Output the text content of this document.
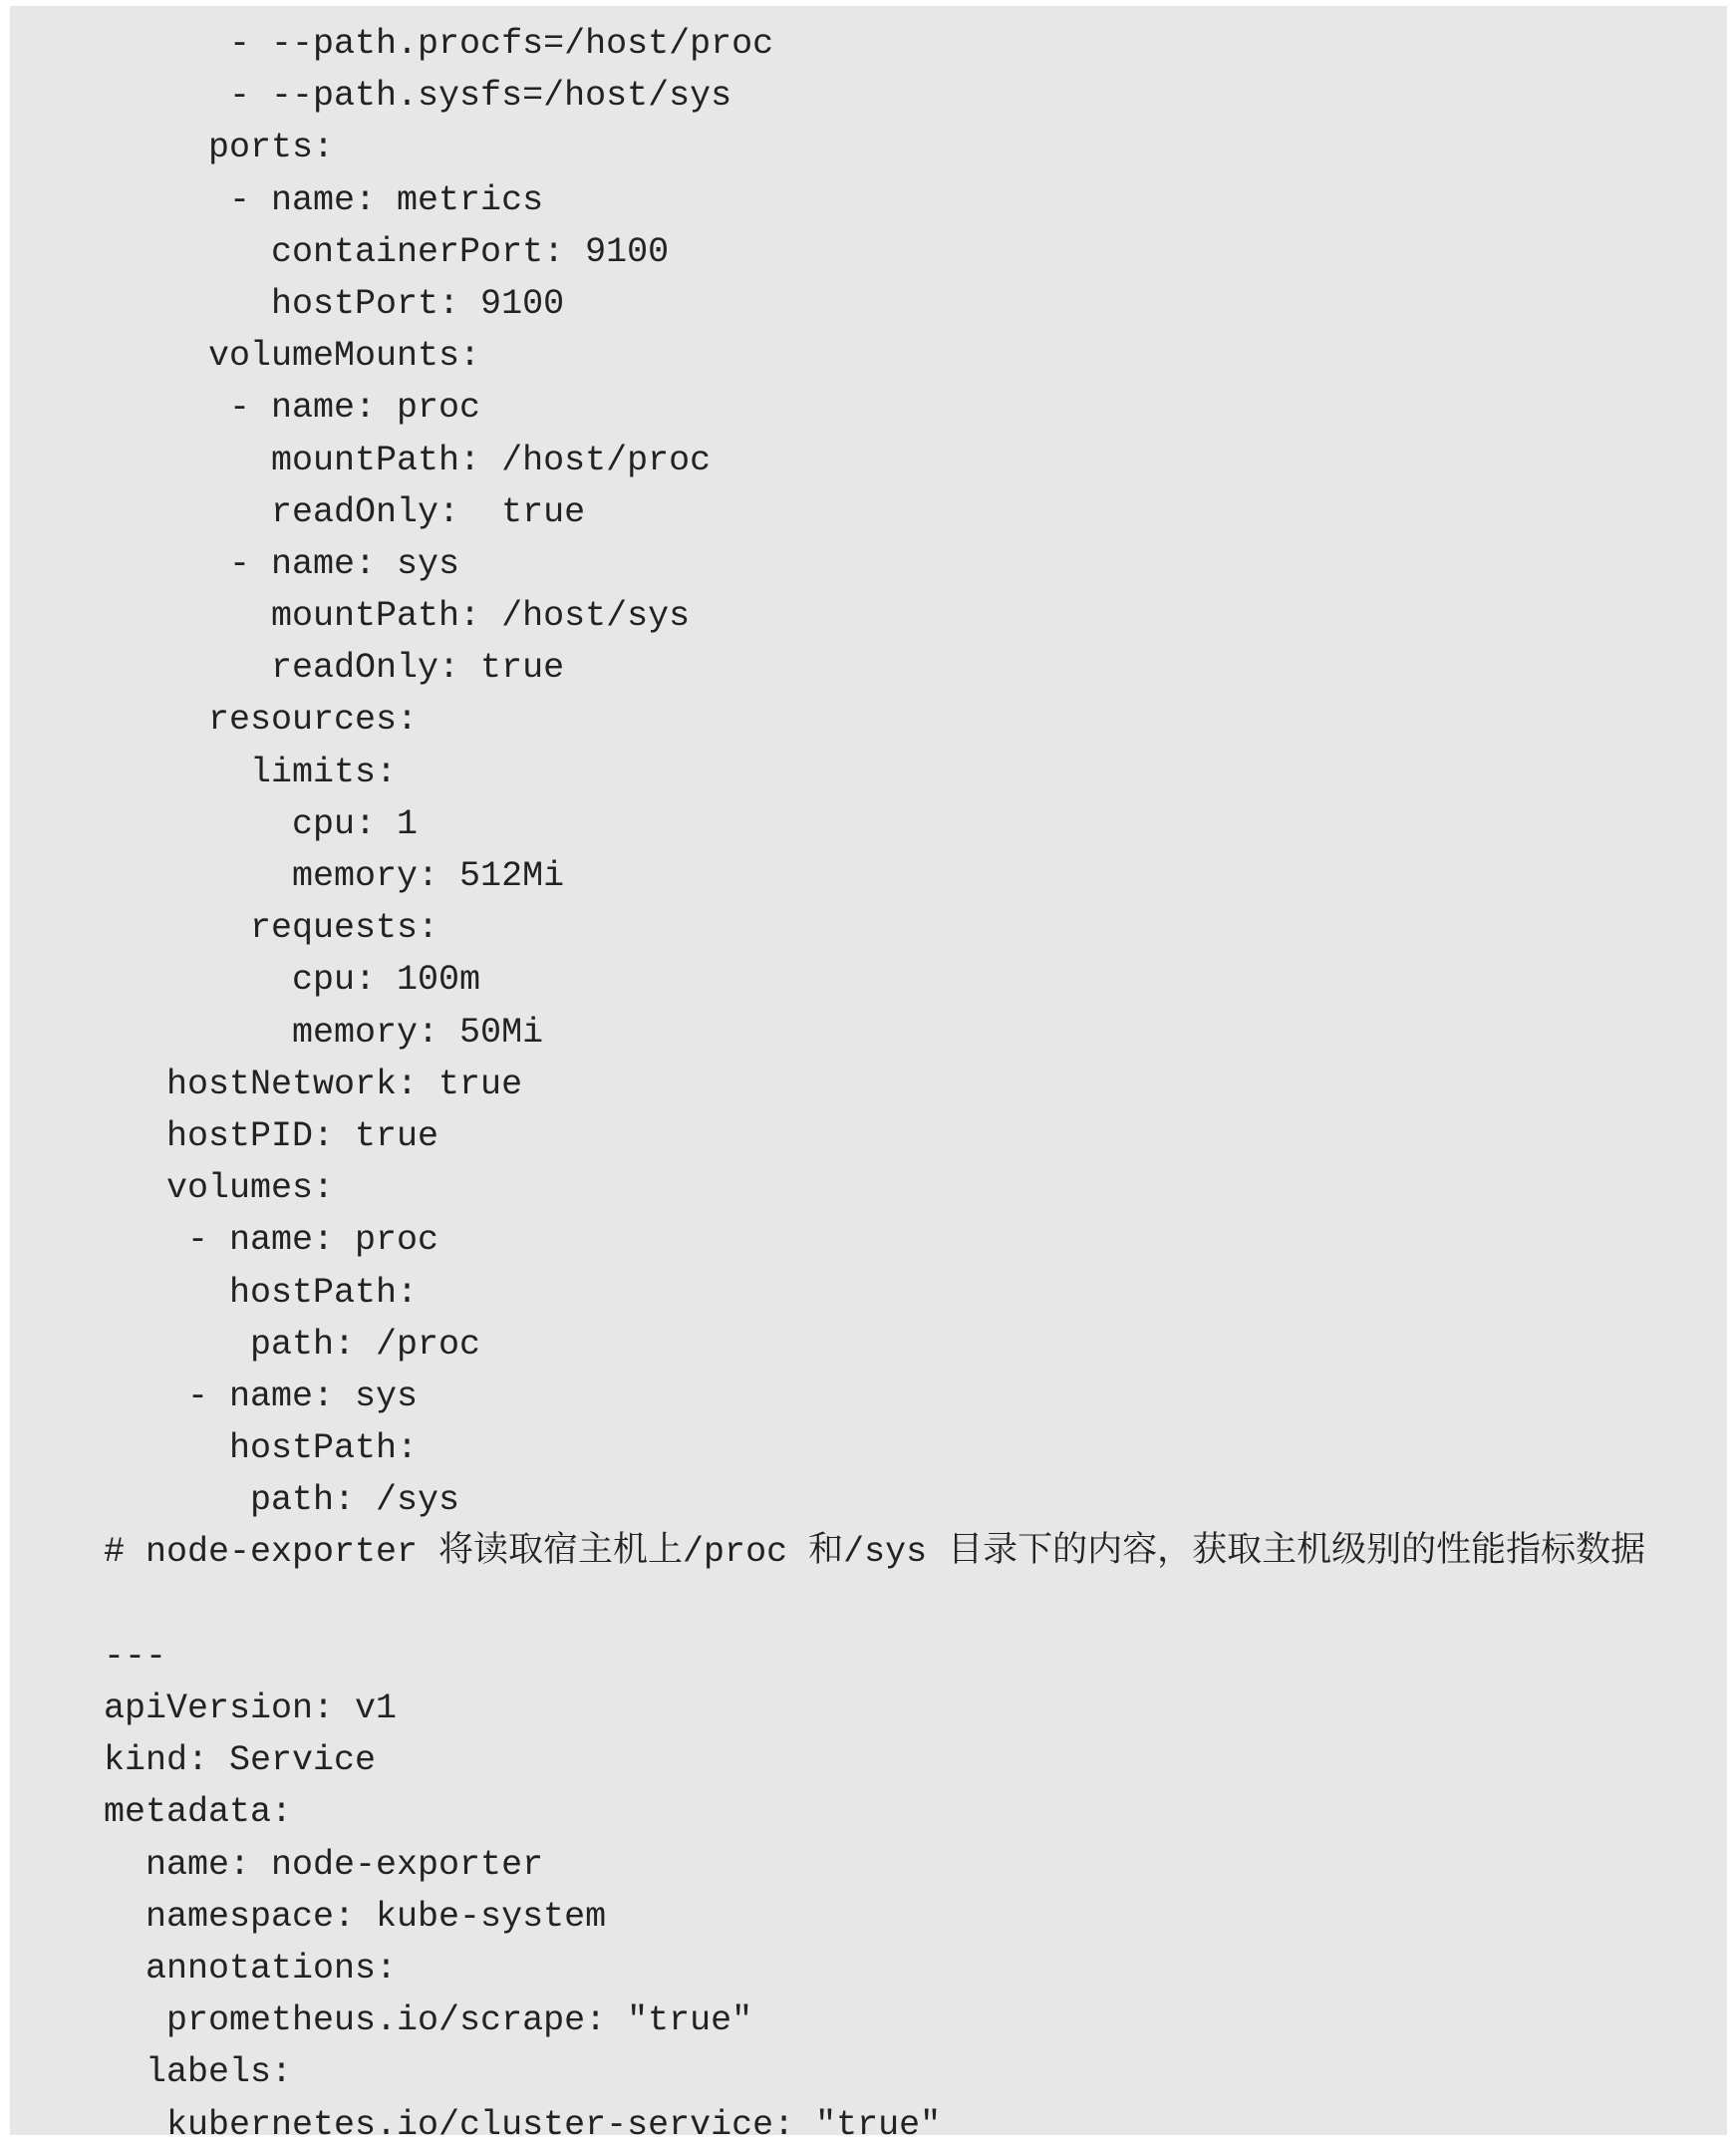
- --path.procfs=/host/proc
- --path.sysfs=/host/sys
ports:
- name: metrics
containerPort: 9100
hostPort: 9100
volumeMounts:
- name: proc
mountPath: /host/proc
readOnly:  true
- name: sys
mountPath: /host/sys
readOnly: true
resources:
limits:
cpu: 1
memory: 512Mi
requests:
cpu: 100m
memory: 50Mi
hostNetwork: true
hostPID: true
volumes:
- name: proc
hostPath:
path: /proc
- name: sys
hostPath:
path: /sys
# node-exporter 将读取宿主机上/proc 和/sys 目录下的内容，获取主机级别的性能指标数据
---
apiVersion: v1
kind: Service
metadata:
name: node-exporter
namespace: kube-system
annotations:
prometheus.io/scrape: "true"
labels:
kubernetes.io/cluster-service: "true"
